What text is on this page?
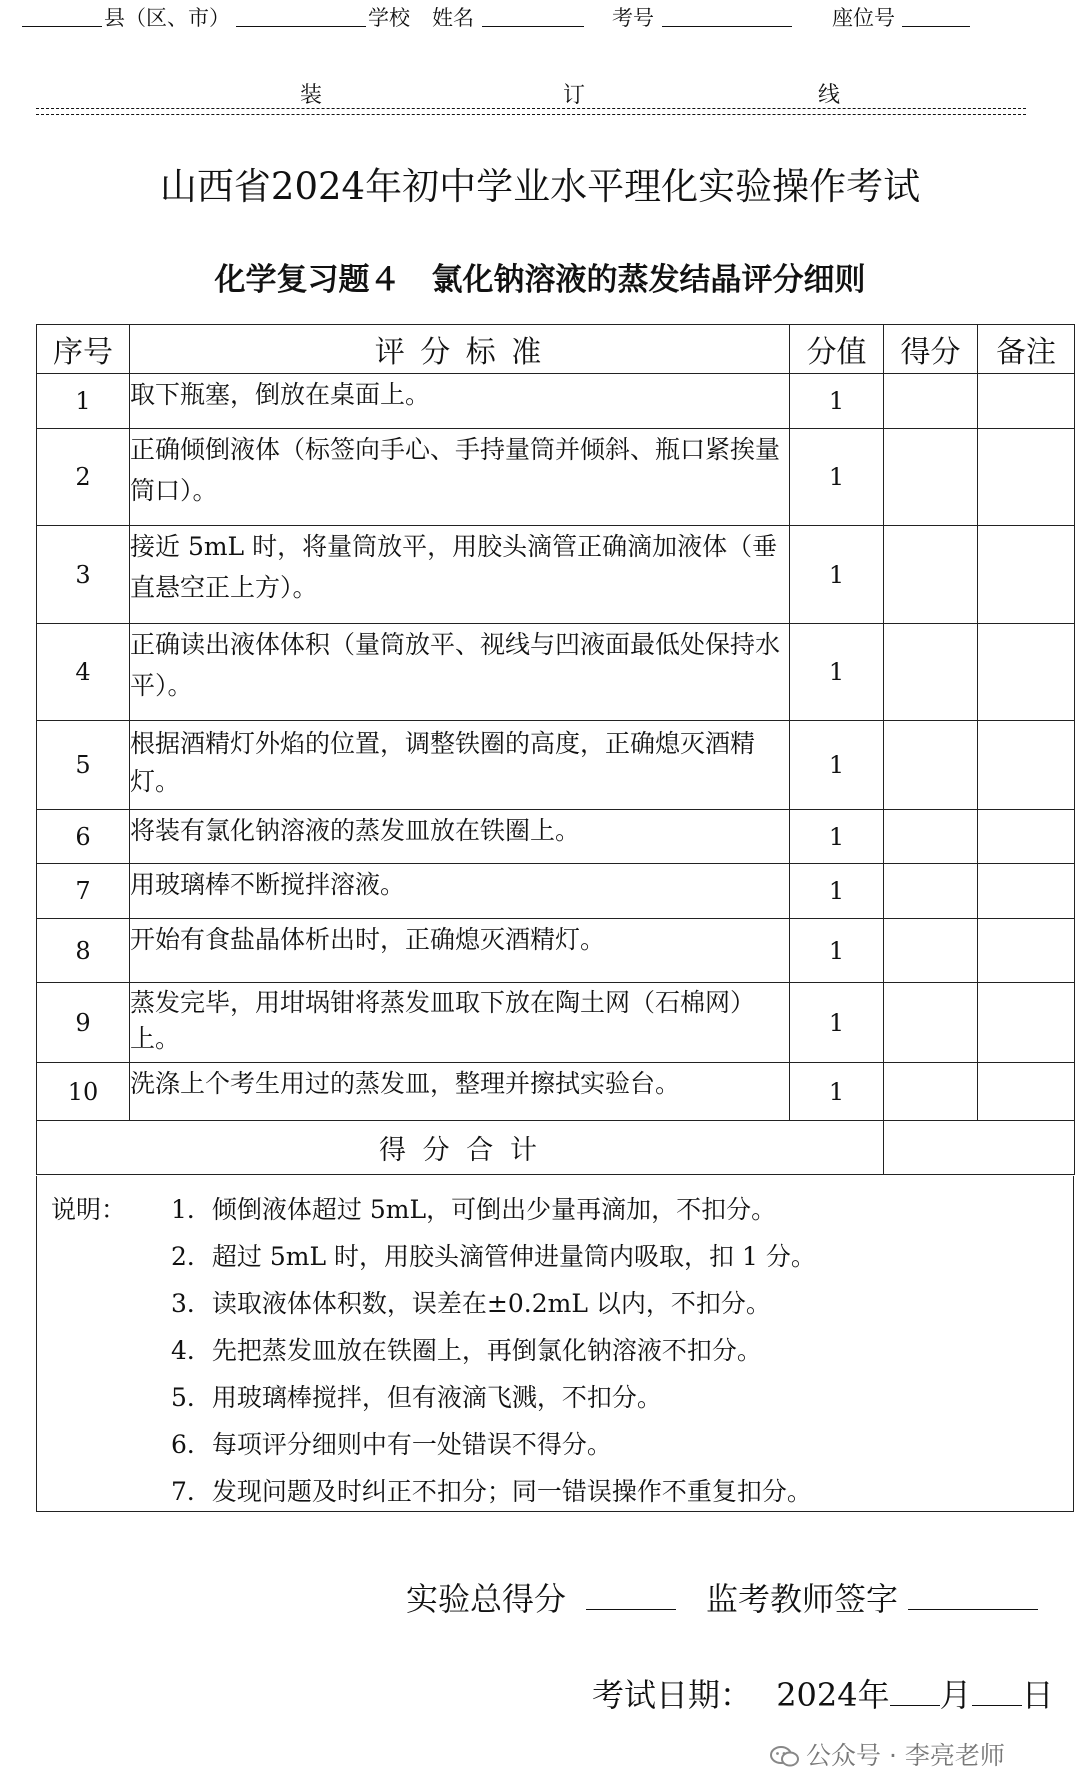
县（区、市）	学校 姓名	考号	座位号
装	订	线
山西省2024年初中学业水平理化实验操作考试
化学复习题４　氯化钠溶液的蒸发结晶评分细则
序号	评 分 标 准	分值	得分	备注
1	取下瓶塞，倒放在桌面上。	1		
2	正确倾倒液体（标签向手心、手持量筒并倾斜、瓶口紧挨量筒口）。	1		
3	接近 5mL 时，将量筒放平，用胶头滴管正确滴加液体（垂直悬空正上方）。	1		
4	正确读出液体体积（量筒放平、视线与凹液面最低处保持水平）。	1		
5	根据酒精灯外焰的位置，调整铁圈的高度，正确熄灭酒精灯。	1		
6	将装有氯化钠溶液的蒸发皿放在铁圈上。	1		
7	用玻璃棒不断搅拌溶液。	1		
8	开始有食盐晶体析出时，正确熄灭酒精灯。	1		
9	蒸发完毕，用坩埚钳将蒸发皿取下放在陶土网（石棉网）上。	1		
10	洗涤上个考生用过的蒸发皿，整理并擦拭实验台。	1		
得 分 合 计				
说明： 1．倾倒液体超过 5mL，可倒出少量再滴加，不扣分。
2．超过 5mL 时，用胶头滴管伸进量筒内吸取，扣 1 分。
3．读取液体体积数，误差在±0.2mL 以内，不扣分。
4．先把蒸发皿放在铁圈上，再倒氯化钠溶液不扣分。
5．用玻璃棒搅拌，但有液滴飞溅，不扣分。
6．每项评分细则中有一处错误不得分。
7．发现问题及时纠正不扣分；同一错误操作不重复扣分。
实验总得分	监考教师签字
考试日期： 2024年 月 日
公众号 · 李亮老师
